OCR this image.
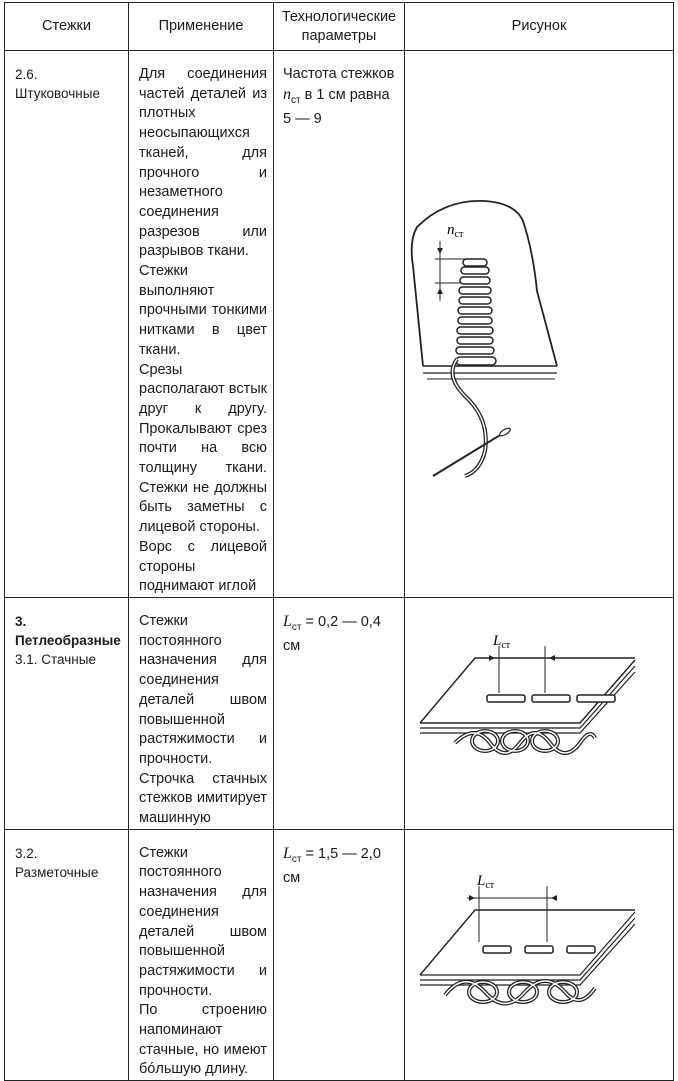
Стежки	Применение	Технологические параметры	Рисунок
2.6. Штуковочные	Для соединения частей деталей из плотных неосыпающихся тканей, для прочного и незаметного соединения разрезов или разрывов ткани.

Стежки выполняют прочными тонкими нитками в цвет ткани.

Срезы располагают встык друг к другу. Прокалывают срез почти на всю толщину ткани. Стежки не должны быть заметны с лицевой стороны.

Ворс с лицевой стороны поднимают иглой	Частота стежков $n_{ст}$ в 1 см равна 5 — 9	$n_{ст}$

3. Петлеобразные
3.1. Стачные	Стежки постоянного назначения для соединения деталей швом повышенной растяжимости и прочности. Строчка стачных стежков имитирует машинную	$L_{ст} = 0,2$ — 0,4 см	$L_{ст}$

3.2. Разметочные	Стежки постоянного назначения для соединения деталей швом повышенной растяжимости и прочности.

По строению напоминают стачные, но имеют бóльшую длину.	$L_{ст} = 1,5$ — 2,0 см	$L_{ст}$
